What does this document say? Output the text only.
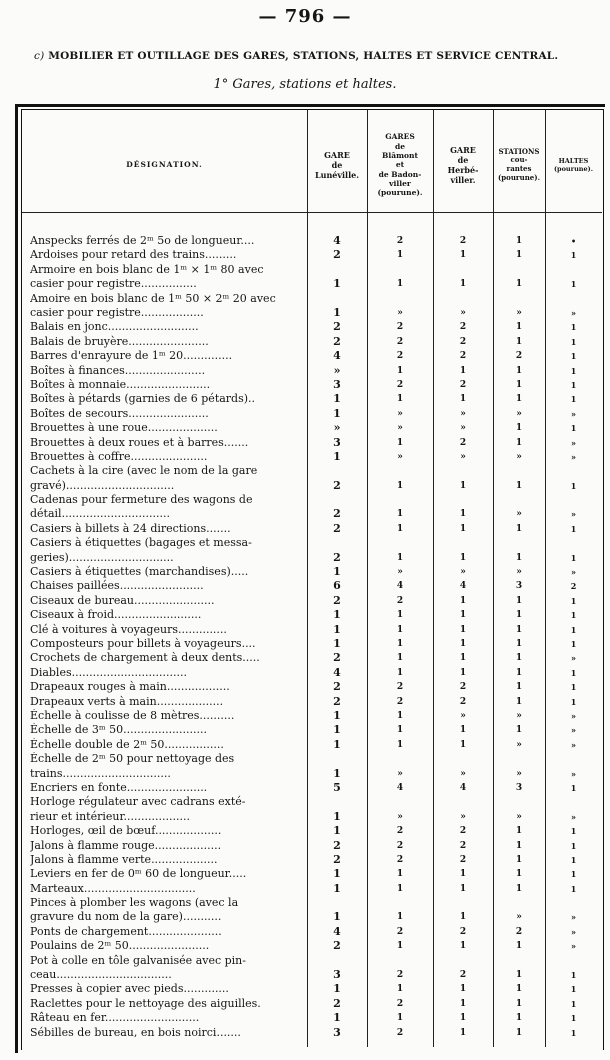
— 796 —
c) MOBILIER ET OUTILLAGE DES GARES, STATIONS, HALTES ET SERVICE CENTRAL.
1° Gares, stations et haltes.
DÉSIGNATION.
GARE
de
Lunéville.
GARES
de
Blâmont
et
de Badon-
viller
(pourune).
GARE
de
Herbé-
viller.
STATIONS
cou-
rantes
(pourune).
HALTES
(pourune).
Anspecks ferrés de 2ᵐ 5o de longueur....	4	2	2	1	•
Ardoises pour retard des trains.........	2	1	1	1	1
Armoire en bois blanc de 1ᵐ × 1ᵐ 80 avec
casier pour registre................	1	1	1	1	1
Amoire en bois blanc de 1ᵐ 50 × 2ᵐ 20 avec
casier pour registre..................	1	»	»	»	»
Balais en jonc..........................	2	2	2	1	1
Balais de bruyère.......................	2	2	2	1	1
Barres d'enrayure de 1ᵐ 20..............	4	2	2	2	1
Boîtes à finances.......................	»	1	1	1	1
Boîtes à monnaie........................	3	2	2	1	1
Boîtes à pétards (garnies de 6 pétards)..	1	1	1	1	1
Boîtes de secours.......................	1	»	»	»	»
Brouettes à une roue....................	»	»	»	1	1
Brouettes à deux roues et à barres.......	3	1	2	1	»
Brouettes à coffre......................	1	»	»	»	»
Cachets à la cire (avec le nom de la gare
gravé)...............................	2	1	1	1	1
Cadenas pour fermeture des wagons de
détail...............................	2	1	1	»	»
Casiers à billets à 24 directions.......	2	1	1	1	1
Casiers à étiquettes (bagages et messa-
geries)..............................	2	1	1	1	1
Casiers à étiquettes (marchandises).....	1	»	»	»	»
Chaises paillées........................	6	4	4	3	2
Ciseaux de bureau.......................	2	2	1	1	1
Ciseaux à froid.........................	1	1	1	1	1
Clé à voitures à voyageurs..............	1	1	1	1	1
Composteurs pour billets à voyageurs....	1	1	1	1	1
Crochets de chargement à deux dents.....	2	1	1	1	»
Diables.................................	4	1	1	1	1
Drapeaux rouges à main..................	2	2	2	1	1
Drapeaux verts à main...................	2	2	2	1	1
Échelle à coulisse de 8 mètres..........	1	1	»	»	»
Échelle de 3ᵐ 50........................	1	1	1	1	»
Échelle double de 2ᵐ 50.................	1	1	1	»	»
Échelle de 2ᵐ 50 pour nettoyage des
trains...............................	1	»	»	»	»
Encriers en fonte.......................	5	4	4	3	1
Horloge régulateur avec cadrans exté-
rieur et intérieur...................	1	»	»	»	»
Horloges, œil de bœuf...................	1	2	2	1	1
Jalons à flamme rouge...................	2	2	2	1	1
Jalons à flamme verte...................	2	2	2	1	1
Leviers en fer de 0ᵐ 60 de longueur.....	1	1	1	1	1
Marteaux................................	1	1	1	1	1
Pinces à plomber les wagons (avec la
gravure du nom de la gare)...........	1	1	1	»	»
Ponts de chargement.....................	4	2	2	2	»
Poulains de 2ᵐ 50.......................	2	1	1	1	»
Pot à colle en tôle galvanisée avec pin-
ceau.................................	3	2	2	1	1
Presses à copier avec pieds.............	1	1	1	1	1
Raclettes pour le nettoyage des aiguilles.	2	2	1	1	1
Râteau en fer...........................	1	1	1	1	1
Sébilles de bureau, en bois noirci.......	3	2	1	1	1
